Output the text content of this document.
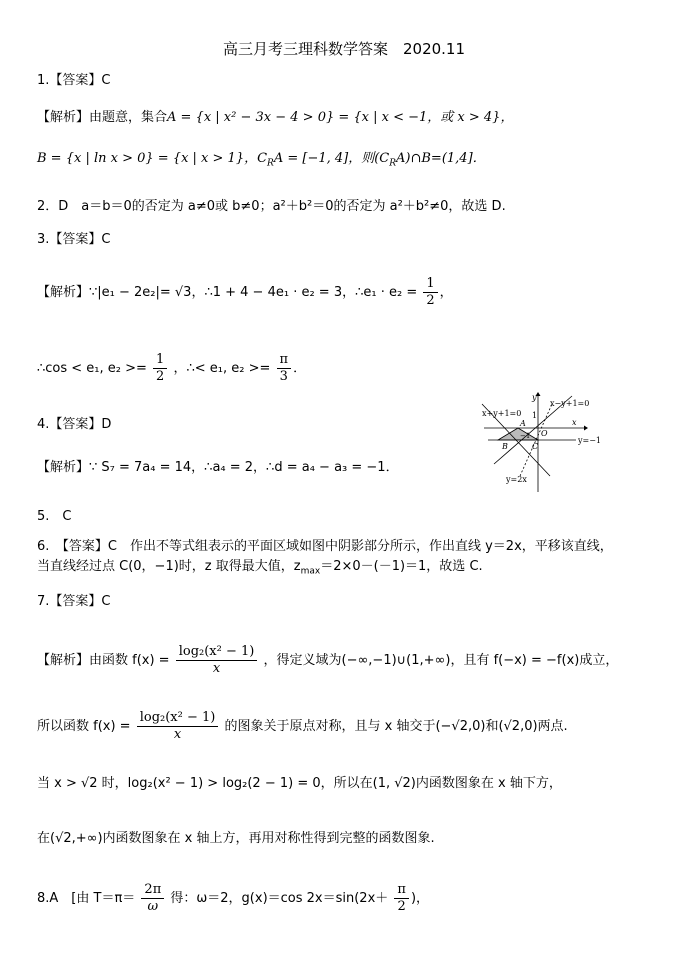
高三月考三理科数学答案　2020.11
1.【答案】C
【解析】由题意，集合A = {x | x² − 3x − 4 > 0} = {x | x < −1，或 x > 4}，
B = {x | ln x > 0} = {x | x > 1}，$C_RA = [-1$, 4]，则$(C_RA)\cap B=(1,4]$．
2．D　a＝b＝0的否定为 a≠0或 b≠0；a²＋b²＝0的否定为 a²＋b²≠0，故选 D.
3.【答案】C
【解析】∵|e₁ − 2e₂|= √3，∴1 + 4 − 4e₁ · e₂ = 3，∴e₁ · $e_2 = \frac{1}{2}$ ，
∴cos < e₁, $e_2 >= \frac{1}{2}$ ，∴< e₁, $e_2 >= \frac{\pi}{3}$ ．
4.【答案】D
【解析】∵ S₇ = 7a₄ = 14，∴a₄ = 2，∴d = a₄ − a₃ = −1．
x+y+1=0
x−y+1=0
y
x
1
A
B	C
O
−1	y=−1
y=2x
5.　C
6.　【答案】C　作出不等式组表示的平面区域如图中阴影部分所示，作出直线 y＝2x，平移该直线，
当直线经过点 C(0，−1)时，z 取得最大值，$z_{max}=2\times 0-(-1)=1$，故选 C.
7.【答案】C
【解析】由函数 $f(x) = \frac{\text{log₂(x² − 1)}}{x}$ ，得定义域为(−∞,−1)∪(1,+∞)，且有 f(−x) = −f(x)成立，
所以函数 $f(x) = \frac{\text{log₂(x² − 1)}}{x}$ 的图象关于原点对称，且与 x 轴交于(−√2,0)和(√2,0)两点.
当 x > √2 时，log₂(x² − 1) > log₂(2 − 1) = 0，所以在(1, √2)内函数图象在 x 轴下方，
在(√2,+∞)内函数图象在 x 轴上方，再用对称性得到完整的函数图象.
8.A　[由 $T=\pi= \frac{2\pi}{\omega}$ 得：ω＝2，g(x)＝cos $2x=\sin(2x+ \frac{\pi}{2}$ )，
